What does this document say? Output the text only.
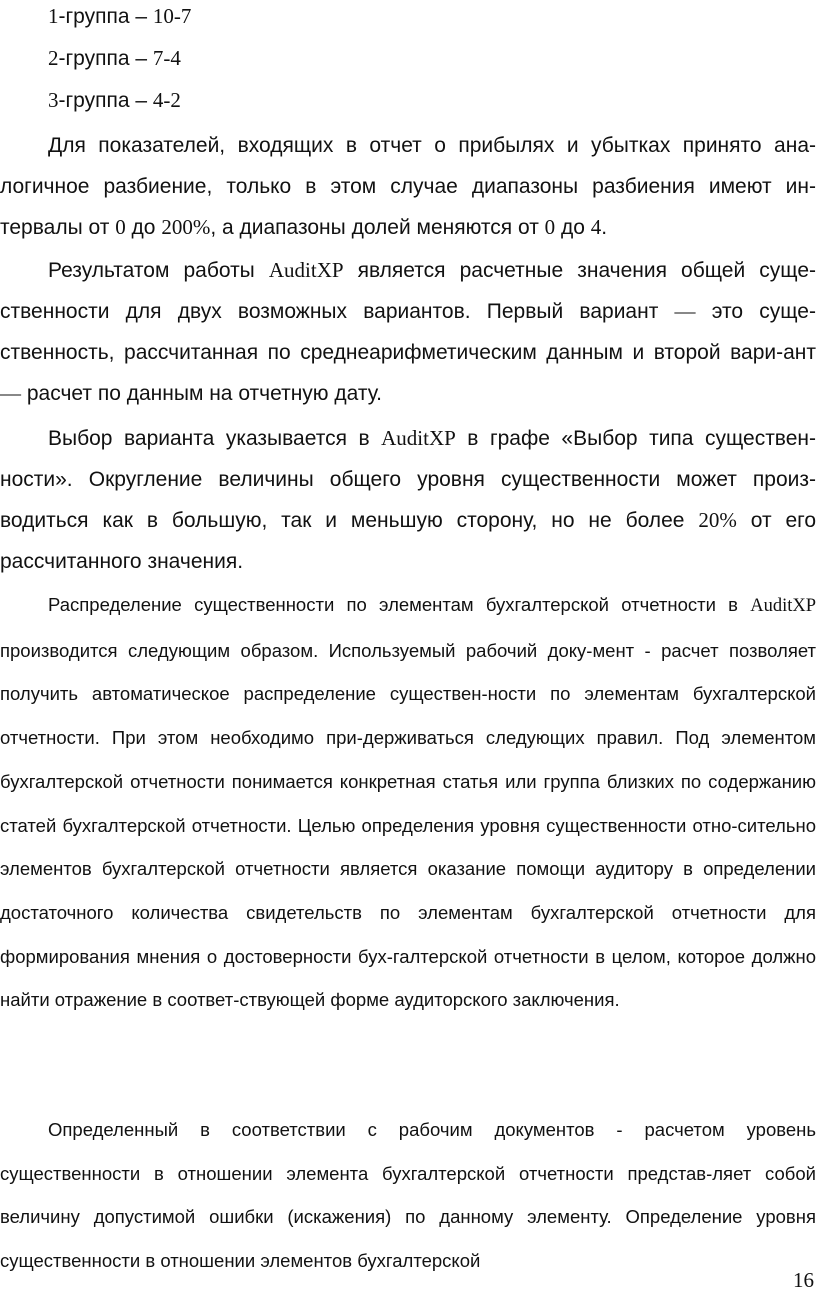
1-группа – 10-7
2-группа – 7-4
3-группа – 4-2

Для показателей, входящих в отчет о прибылях и убытках принято ана-логичное разбиение, только в этом случае диапазоны разбиения имеют ин-тервалы от 0 до 200%, а диапазоны долей меняются от 0 до 4.

Результатом работы AuditXP является расчетные значения общей суще-ственности для двух возможных вариантов. Первый вариант — это суще-ственность, рассчитанная по среднеарифметическим данным и второй вари-ант — расчет по данным на отчетную дату.

Выбор варианта указывается в AuditXP в графе «Выбор типа существен-ности». Округление величины общего уровня существенности может произ-водиться как в большую, так и меньшую сторону, но не более 20% от его рассчитанного значения.

Распределение существенности по элементам бухгалтерской отчетности в AuditXP производится следующим образом. Используемый рабочий доку-мент - расчет позволяет получить автоматическое распределение существен-ности по элементам бухгалтерской отчетности. При этом необходимо при-держиваться следующих правил. Под элементом бухгалтерской отчетности понимается конкретная статья или группа близких по содержанию статей бухгалтерской отчетности. Целью определения уровня существенности отно-сительно элементов бухгалтерской отчетности является оказание помощи аудитору в определении достаточного количества свидетельств по элементам бухгалтерской отчетности для формирования мнения о достоверности бух-галтерской отчетности в целом, которое должно найти отражение в соответ-ствующей форме аудиторского заключения.

Определенный в соответствии с рабочим документов - расчетом уровень существенности в отношении элемента бухгалтерской отчетности представ-ляет собой величину допустимой ошибки (искажения) по данному элементу. Определение уровня существенности в отношении элементов бухгалтерской

16
